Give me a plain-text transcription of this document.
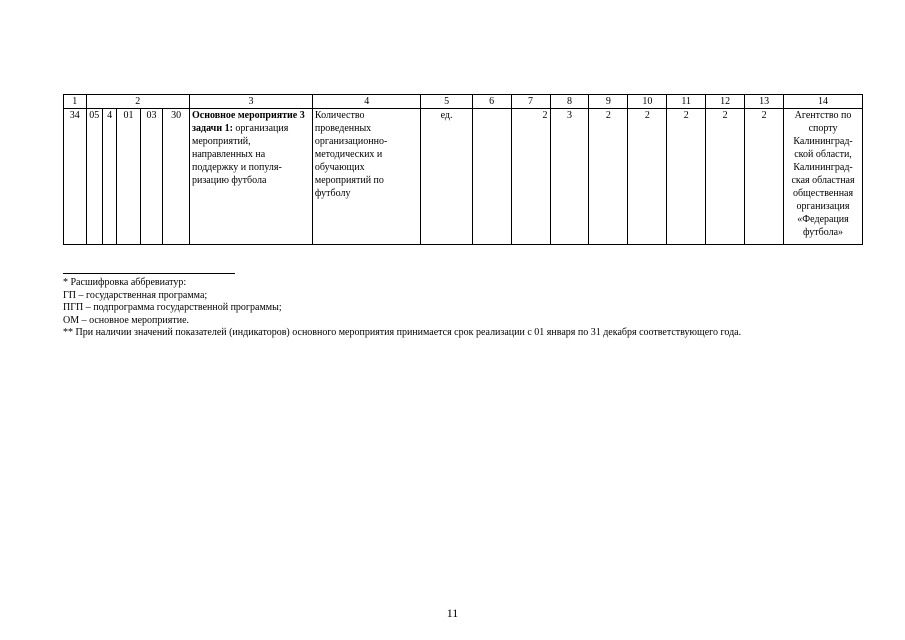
1	2					3	4	5	6	7	8	9	10	11	12	13	14
34	05	4	01	03	30	Основное мероприятие 3 задачи 1: организация мероприятий, направленных на поддержку и популя-ризацию футбола	Количество проведенных организационно-методических и обучающих мероприятий по футболу	ед.		2	3	2	2	2	2	2	Агентство по спорту Калининград-ской области, Калининград-ская областная общественная организация «Федерация футбола»

* Расшифровка аббревиатур:

ГП – государственная программа;

ПГП – подпрограмма государственной программы;

ОМ – основное мероприятие.

** При наличии значений показателей (индикаторов) основного мероприятия принимается срок реализации с 01 января по 31 декабря соответствующего года.

11
